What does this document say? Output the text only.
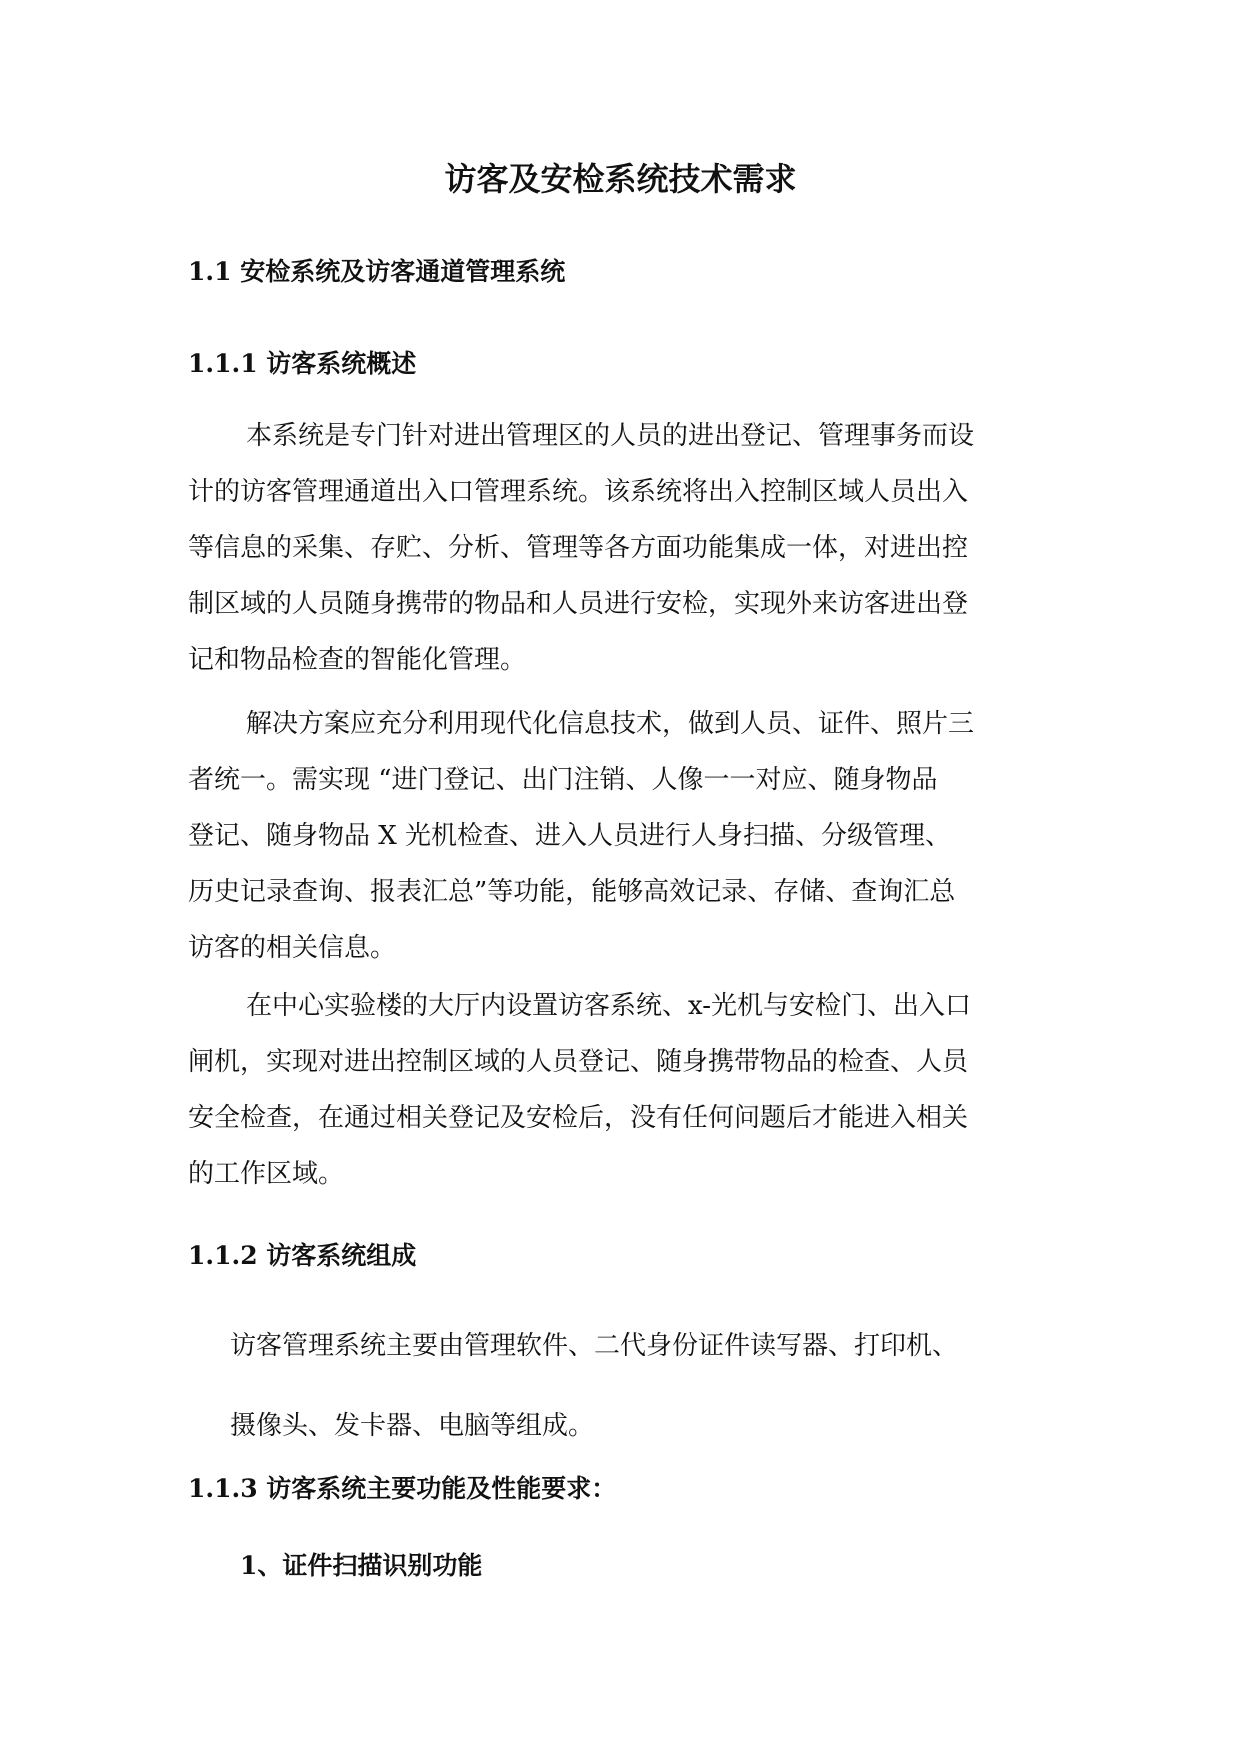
访客及安检系统技术需求
1.1 安检系统及访客通道管理系统
1.1.1 访客系统概述
本系统是专门针对进出管理区的人员的进出登记、管理事务而设
计的访客管理通道出入口管理系统。该系统将出入控制区域人员出入
等信息的采集、存贮、分析、管理等各方面功能集成一体，对进出控
制区域的人员随身携带的物品和人员进行安检，实现外来访客进出登
记和物品检查的智能化管理。
解决方案应充分利用现代化信息技术，做到人员、证件、照片三
者统一。需实现 “进门登记、出门注销、人像一一对应、随身物品
登记、随身物品 X 光机检查、进入人员进行人身扫描、分级管理、
历史记录查询、报表汇总”等功能，能够高效记录、存储、查询汇总
访客的相关信息。
在中心实验楼的大厅内设置访客系统、x-光机与安检门、出入口
闸机，实现对进出控制区域的人员登记、随身携带物品的检查、人员
安全检查，在通过相关登记及安检后，没有任何问题后才能进入相关
的工作区域。
1.1.2 访客系统组成
访客管理系统主要由管理软件、二代身份证件读写器、打印机、
摄像头、发卡器、电脑等组成。
1.1.3 访客系统主要功能及性能要求：
1、证件扫描识别功能
